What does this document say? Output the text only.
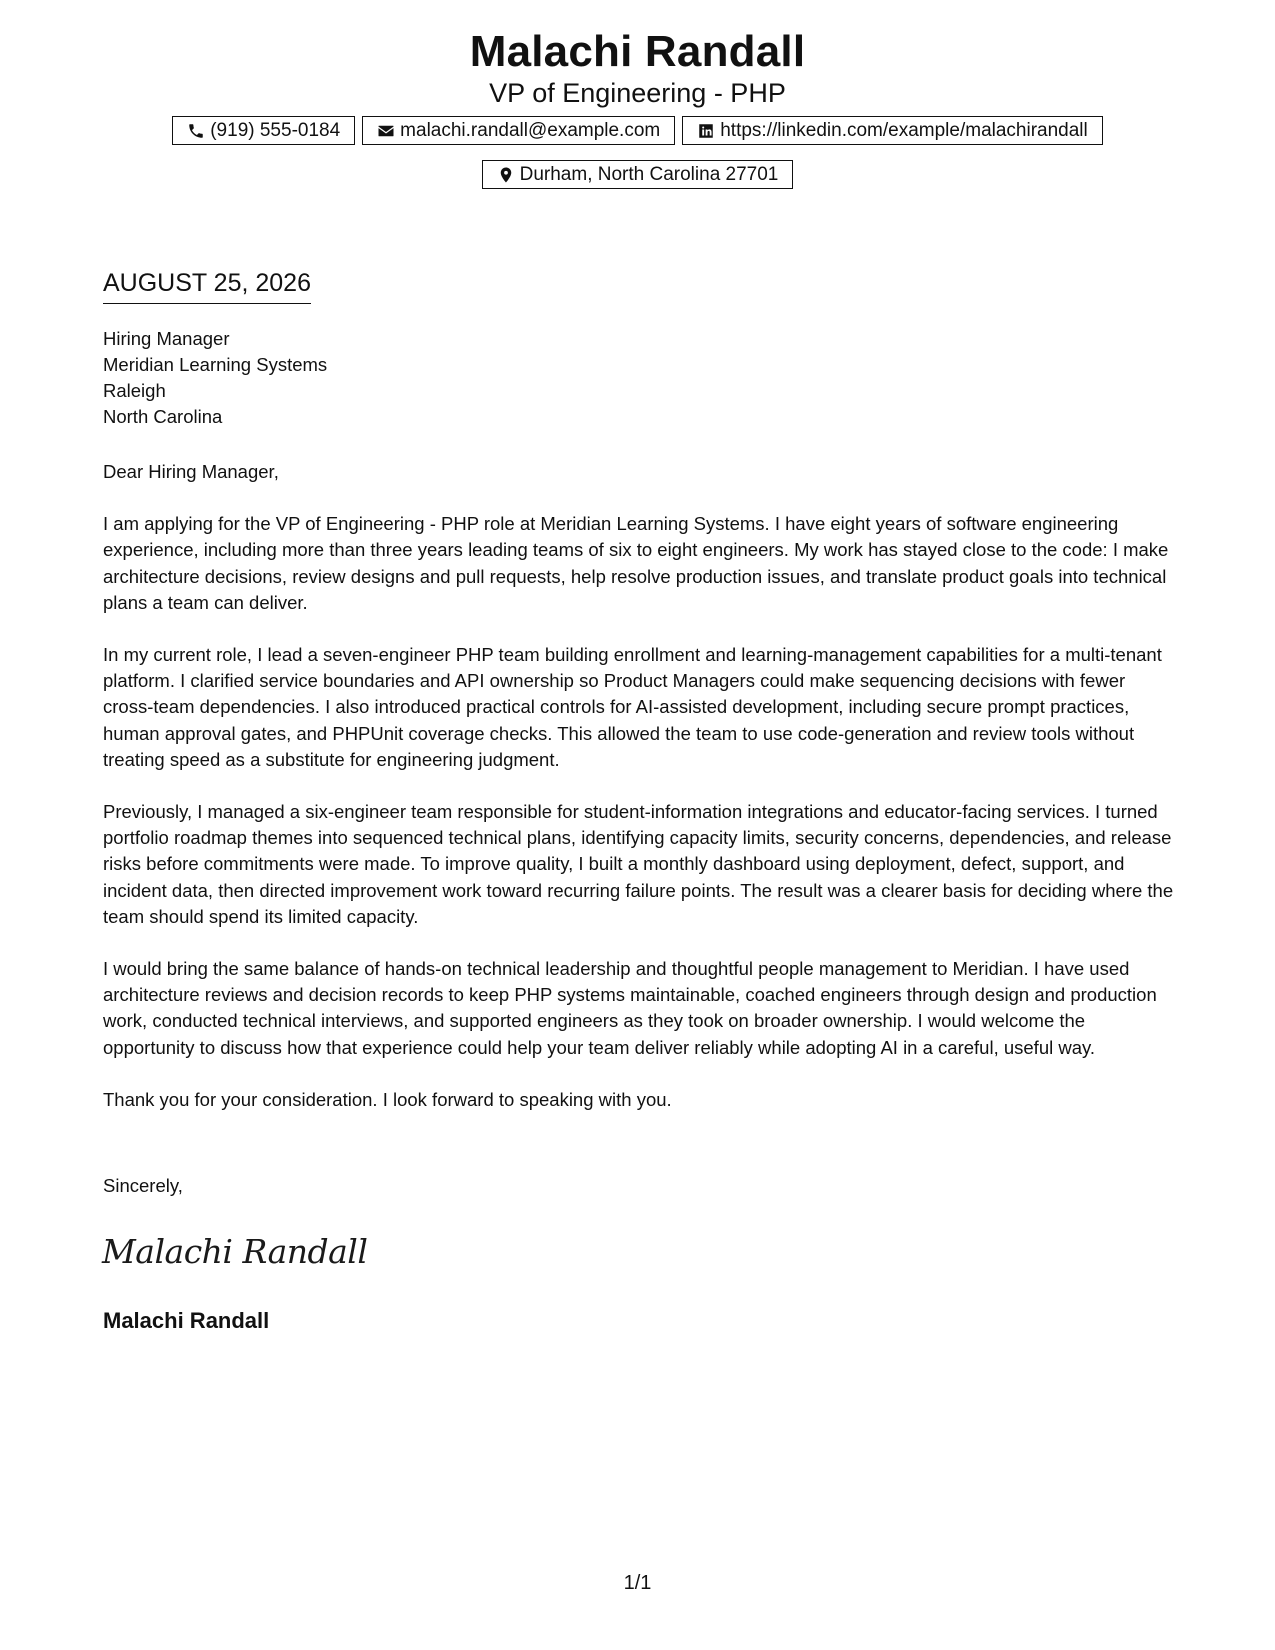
Malachi Randall
VP of Engineering - PHP
(919) 555-0184	malachi.randall@example.com	https://linkedin.com/example/malachirandall
Durham, North Carolina 27701
AUGUST 25, 2026
Hiring Manager
Meridian Learning Systems
Raleigh
North Carolina

Dear Hiring Manager,

I am applying for the VP of Engineering - PHP role at Meridian Learning Systems. I have eight years of software engineering experience, including more than three years leading teams of six to eight engineers. My work has stayed close to the code: I make architecture decisions, review designs and pull requests, help resolve production issues, and translate product goals into technical plans a team can deliver.

In my current role, I lead a seven-engineer PHP team building enrollment and learning-management capabilities for a multi-tenant platform. I clarified service boundaries and API ownership so Product Managers could make sequencing decisions with fewer cross-team dependencies. I also introduced practical controls for AI-assisted development, including secure prompt practices, human approval gates, and PHPUnit coverage checks. This allowed the team to use code-generation and review tools without treating speed as a substitute for engineering judgment.

Previously, I managed a six-engineer team responsible for student-information integrations and educator-facing services. I turned portfolio roadmap themes into sequenced technical plans, identifying capacity limits, security concerns, dependencies, and release risks before commitments were made. To improve quality, I built a monthly dashboard using deployment, defect, support, and incident data, then directed improvement work toward recurring failure points. The result was a clearer basis for deciding where the team should spend its limited capacity.

I would bring the same balance of hands-on technical leadership and thoughtful people management to Meridian. I have used architecture reviews and decision records to keep PHP systems maintainable, coached engineers through design and production work, conducted technical interviews, and supported engineers as they took on broader ownership. I would welcome the opportunity to discuss how that experience could help your team deliver reliably while adopting AI in a careful, useful way.

Thank you for your consideration. I look forward to speaking with you.

Sincerely,
Malachi Randall
Malachi Randall
1/1
